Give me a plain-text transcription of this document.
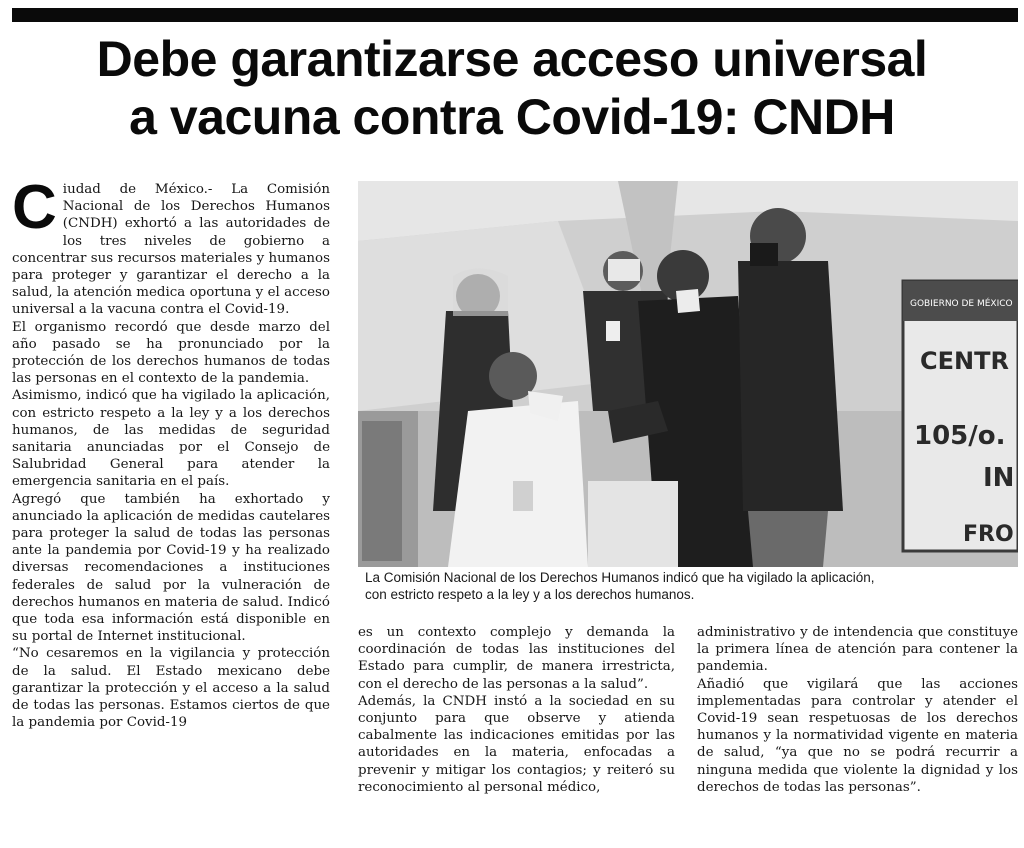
Debe garantizarse acceso universal
a vacuna contra Covid-19: CNDH

Ciudad de México.- La Comisión Nacional de los Derechos Humanos (CNDH) exhortó a las autoridades de los tres niveles de gobierno a concentrar sus recursos materiales y humanos para proteger y garantizar el derecho a la salud, la atención medica oportuna y el acceso universal a la vacuna contra el Covid-19.

El organismo recordó que desde marzo del año pasado se ha pronunciado por la protección de los derechos humanos de todas las personas en el contexto de la pandemia.

Asimismo, indicó que ha vigilado la aplicación, con estricto respeto a la ley y a los derechos humanos, de las medidas de seguridad sanitaria anunciadas por el Consejo de Salubridad General para atender la emergencia sanitaria en el país.

Agregó que también ha exhortado y anunciado la aplicación de medidas cautelares para proteger la salud de todas las personas ante la pandemia por Covid-19 y ha realizado diversas recomendaciones a instituciones federales de salud por la vulneración de derechos humanos en materia de salud. Indicó que toda esa información está disponible en su portal de Internet institucional.

“No cesaremos en la vigilancia y protección de la salud. El Estado mexicano debe garantizar la protección y el acceso a la salud de todas las personas. Estamos ciertos de que la pandemia por Covid-19

GOBIERNO DE MÉXICO
CENTR
105/o.
IN
FRO

La Comisión Nacional de los Derechos Humanos indicó que ha vigilado la aplicación,

con estricto respeto a la ley y a los derechos humanos.

es un contexto complejo y demanda la coordinación de todas las instituciones del Estado para cumplir, de manera irrestricta, con el derecho de las personas a la salud”.

Además, la CNDH instó a la sociedad en su conjunto para que observe y atienda cabalmente las indicaciones emitidas por las autoridades en la materia, enfocadas a prevenir y mitigar los contagios; y reiteró su reconocimiento al personal médico,

administrativo y de intendencia que constituye la primera línea de atención para contener la pandemia.

Añadió que vigilará que las acciones implementadas para controlar y atender el Covid-19 sean respetuosas de los derechos humanos y la normatividad vigente en materia de salud, “ya que no se podrá recurrir a ninguna medida que violente la dignidad y los derechos de todas las personas”.
